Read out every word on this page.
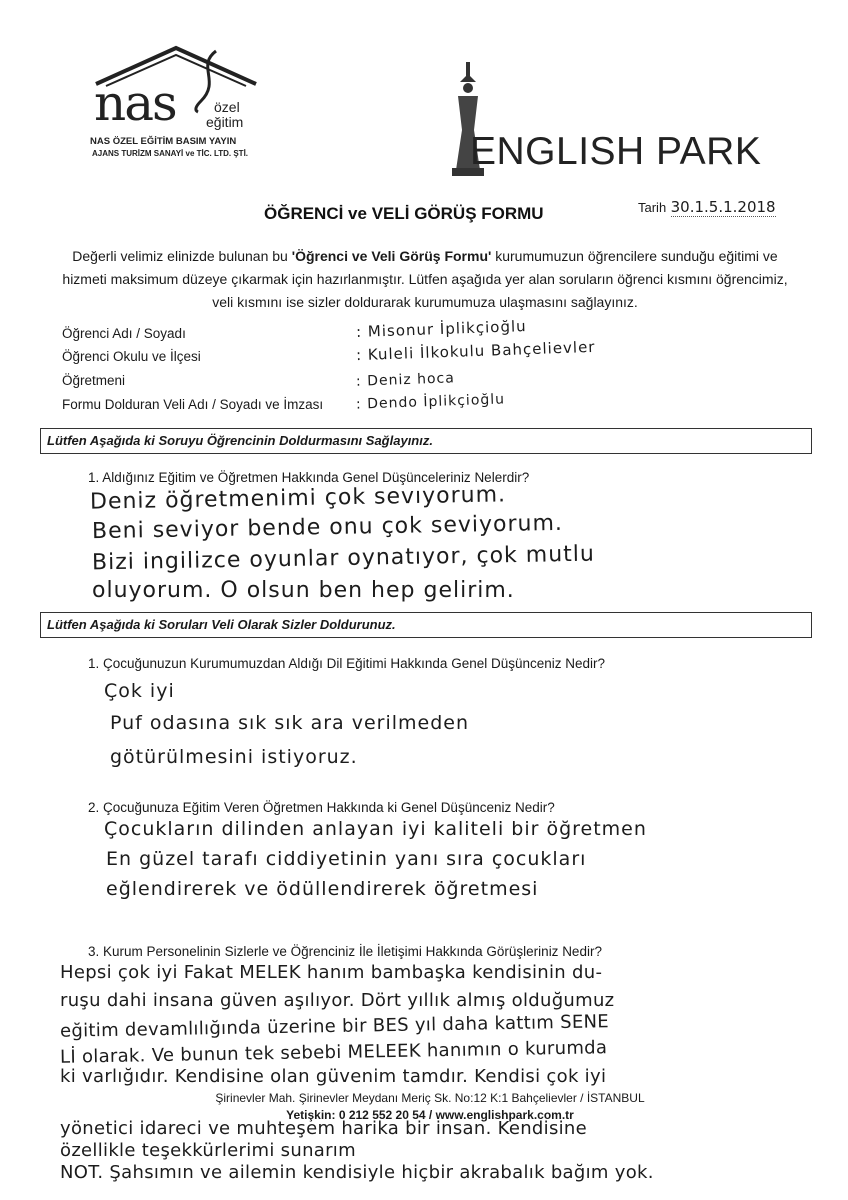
nas	özel
eğitim
NAS ÖZEL EĞİTİM BASIM YAYIN
AJANS TURİZM SANAYİ ve TİC. LTD. ŞTİ.	ENGLISH PARK
ÖĞRENCİ ve VELİ GÖRÜŞ FORMU	Tarih 30.1.5.1.2018
Değerli velimiz elinizde bulunan bu 'Öğrenci ve Veli Görüş Formu' kurumumuzun öğrencilere sunduğu eğitimi ve
hizmeti maksimum düzeye çıkarmak için hazırlanmıştır. Lütfen aşağıda yer alan soruların öğrenci kısmını öğrencimiz,
veli kısmını ise sizler doldurarak kurumumuza ulaşmasını sağlayınız.
Öğrenci Adı / Soyadı	: Misonur İplikçioğlu
Öğrenci Okulu ve İlçesi	: Kuleli İlkokulu Bahçelievler
Öğretmeni	: Deniz hoca
Formu Dolduran Veli Adı / Soyadı ve İmzası : Dendo İplikçioğlu
Lütfen Aşağıda ki Soruyu Öğrencinin Doldurmasını Sağlayınız.
1. Aldığınız Eğitim ve Öğretmen Hakkında Genel Düşünceleriniz Nelerdir?
Deniz öğretmenimi çok sevıyorum.
Beni seviyor bende onu çok seviyorum.
Bizi ingilizce oyunlar oynatıyor, çok mutlu
oluyorum. O olsun ben hep gelirim.
Lütfen Aşağıda ki Soruları Veli Olarak Sizler Doldurunuz.
1. Çocuğunuzun Kurumumuzdan Aldığı Dil Eğitimi Hakkında Genel Düşünceniz Nedir?
Çok iyi
Puf odasına sık sık ara verilmeden
götürülmesini istiyoruz.
2. Çocuğunuza Eğitim Veren Öğretmen Hakkında ki Genel Düşünceniz Nedir?
Çocukların dilinden anlayan iyi kaliteli bir öğretmen
En güzel tarafı ciddiyetinin yanı sıra çocukları
eğlendirerek ve ödüllendirerek öğretmesi
3. Kurum Personelinin Sizlerle ve Öğrenciniz İle İletişimi Hakkında Görüşleriniz Nedir?
Hepsi çok iyi Fakat MELEK hanım bambaşka kendisinin du-
ruşu dahi insana güven aşılıyor. Dört yıllık almış olduğumuz
eğitim devamlılığında üzerine bir BES yıl daha kattım SENE
Lİ olarak. Ve bunun tek sebebi MELEEK hanımın o kurumda
ki varlığıdır. Kendisine olan güvenim tamdır. Kendisi çok iyi
Şirinevler Mah. Şirinevler Meydanı Meriç Sk. No:12 K:1 Bahçelievler / İSTANBUL
Yetişkin: 0 212 552 20 54 / www.englishpark.com.tr
yönetici idareci ve muhteşem harika bir insan. Kendisine
özellikle teşekkürlerimi sunarım
NOT. Şahsımın ve ailemin kendisiyle hiçbir akrabalık bağım yok.
